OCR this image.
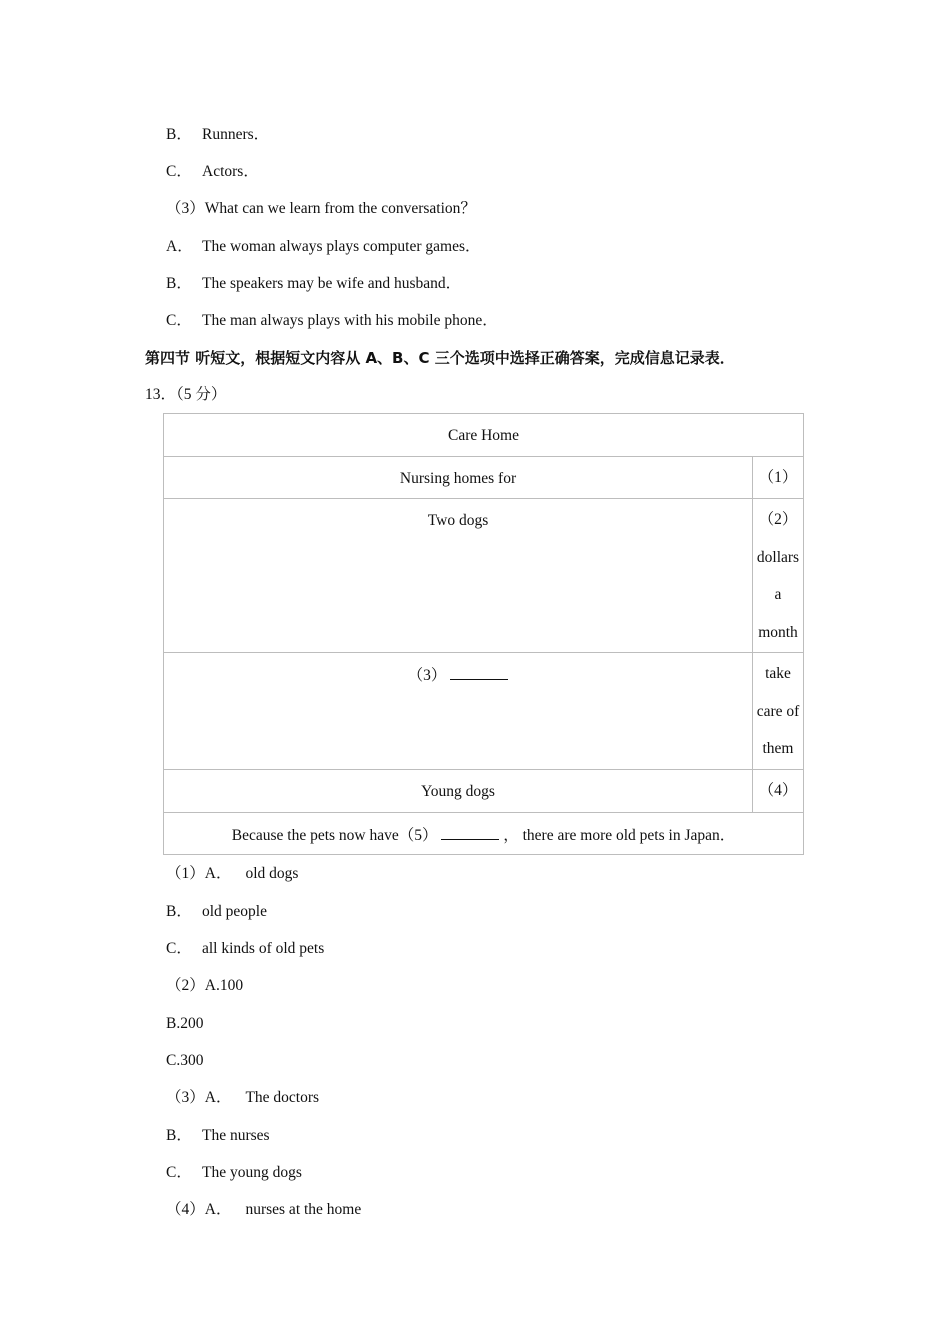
B． Runners．
C． Actors．
（3）What can we learn from the conversation？
A． The woman always plays computer games．
B． The speakers may be wife and husband．
C． The man always plays with his mobile phone．
第四节 听短文，根据短文内容从 A、B、C 三个选项中选择正确答案，完成信息记录表．
13．（5 分）
Care Home	

Nursing homes for	（1）

Two dogs	（2）
dollars
a
month

（3）	take
care of
them

Young dogs	（4）

Because the pets now have（5） ， there are more old pets in Japan．	
（1）A． old dogs
B． old people
C． all kinds of old pets
（2）A.100
B.200
C.300
（3）A． The doctors
B． The nurses
C． The young dogs
（4）A． nurses at the home
